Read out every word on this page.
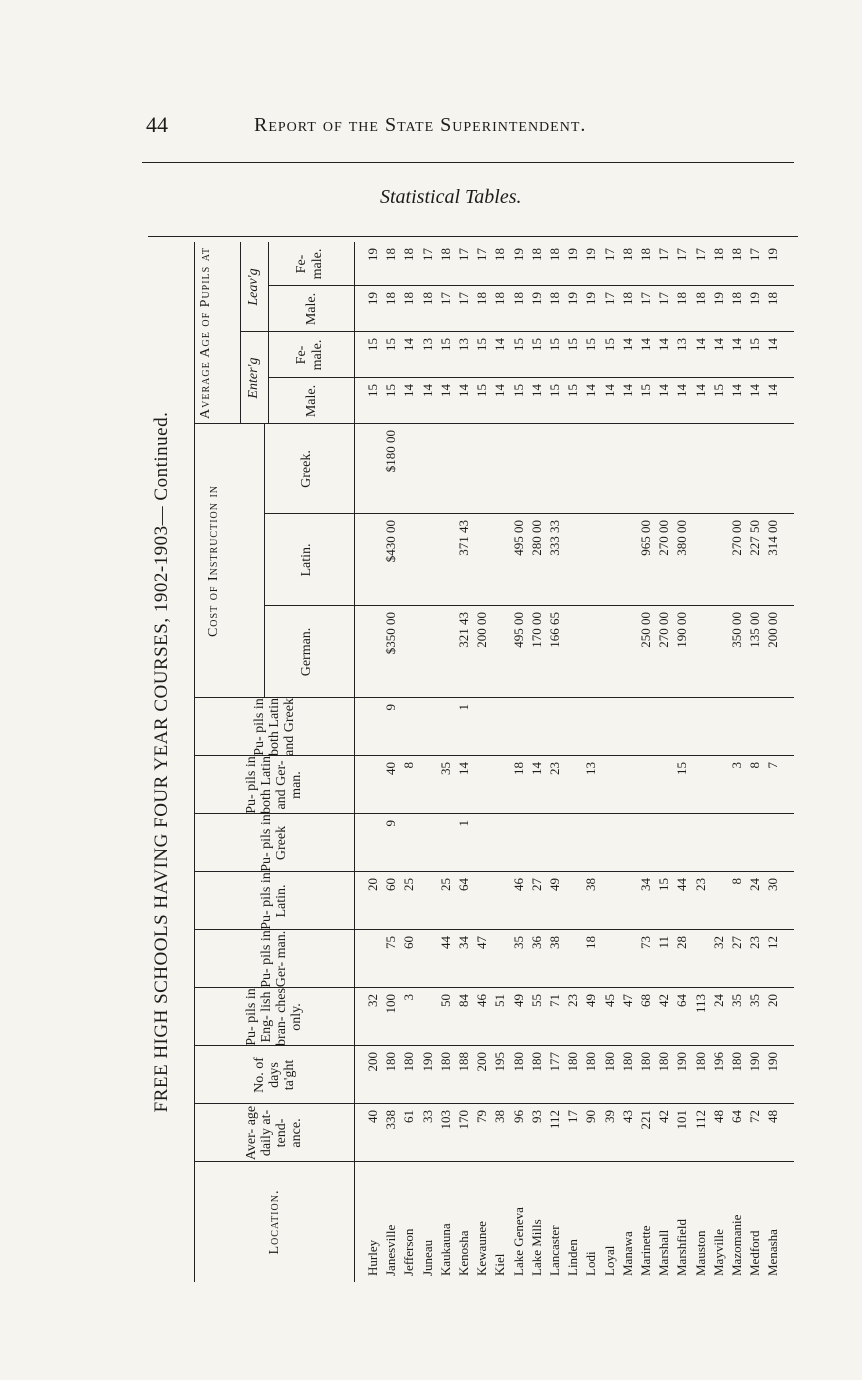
44	Report of the State Superintendent.
Statistical Tables.
FREE HIGH SCHOOLS HAVING FOUR YEAR COURSES, 1902-1903— Continued.
Location.
Aver- age daily at- tend- ance.
No. of days ta'ght
Pu- pils in Eng- lish bran- ches only.
Pu- pils in Ger- man.
Pu- pils in Latin.
Pu- pils in Greek
Pu- pils in both Latin and Ger- man.
Pu- pils in both Latin and Greek
Cost of Instruction in
German.
Latin.
Greek.
Average Age of Pupils at Enter'g
Leav'g
Male.
Fe- male.
Male.
Fe- male.
Hurley
40
200
32
20
15
15
19
19
Janesville
338
180
100
75
60
9
40
9
$350 00
$430 00
$180 00
15
15
18
18
Jefferson
61
180
3
60
25
8
14
14
18
18
Juneau
33
190
14
13
18
17
Kaukauna
103
180
50
44
25
35
14
15
17
18
Kenosha
170
188
84
34
64
1
14
1
321 43
371 43
14
13
17
17
Kewaunee
79
200
46
47
200 00
15
15
18
17
Kiel
38
195
51
14
14
18
18
Lake Geneva
96
180
49
35
46
18
495 00
495 00
15
15
18
19
Lake Mills
93
180
55
36
27
14
170 00
280 00
14
15
19
18
Lancaster
112
177
71
38
49
23
166 65
333 33
15
15
18
18
Linden
17
180
23
15
15
19
19
Lodi
90
180
49
18
38
13
14
15
19
19
Loyal
39
180
45
14
15
17
17
Manawa
43
180
47
14
14
18
18
Marinette
221
180
68
73
34
250 00
965 00
15
14
17
18
Marshall
42
180
42
11
15
270 00
270 00
14
14
17
17
Marshfield
101
190
64
28
44
15
190 00
380 00
14
13
18
17
Mauston
112
180
113
23
14
14
18
17
Mayville
48
196
24
32
15
14
19
18
Mazomanie
64
180
35
27
8
3
350 00
270 00
14
14
18
18
Medford
72
190
35
23
24
8
135 00
227 50
14
15
19
17
Menasha
48
190
20
12
30
7
200 00
314 00
14
14
18
19
